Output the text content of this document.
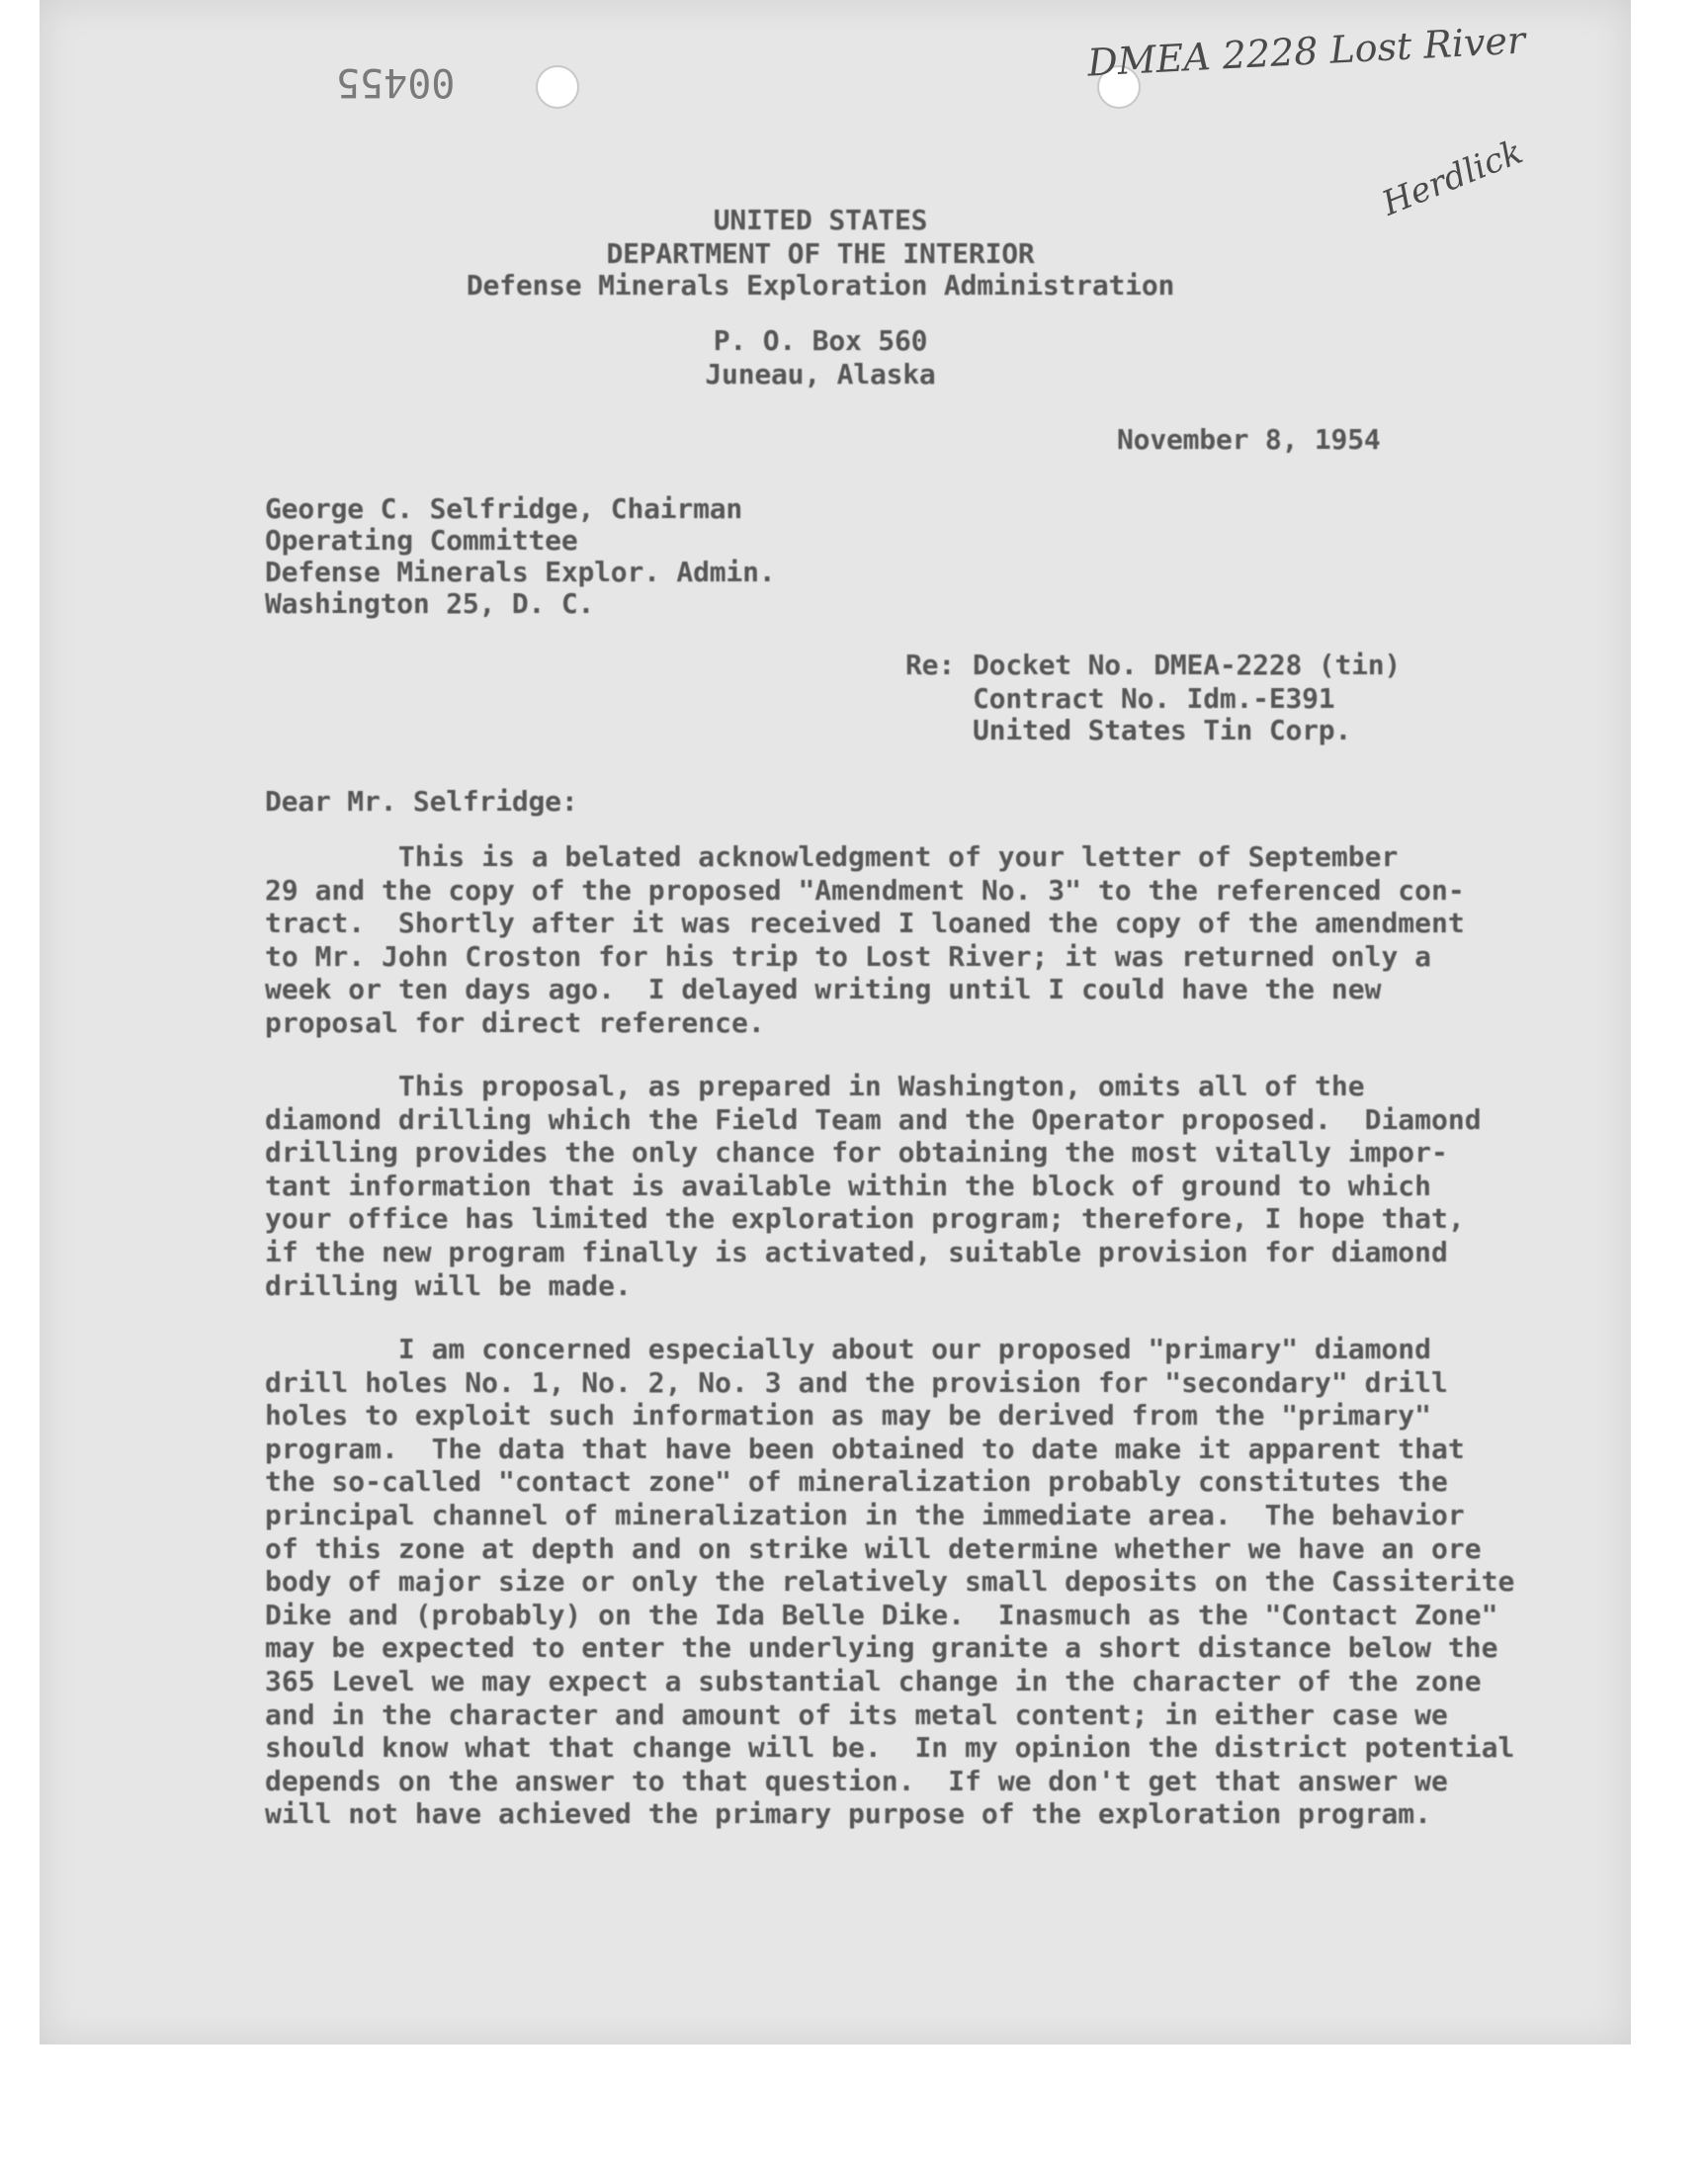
00455	DMEA 2228 Lost River
Herdlick
UNITED STATES
DEPARTMENT OF THE INTERIOR
Defense Minerals Exploration Administration
P. O. Box 560
Juneau, Alaska
November 8, 1954
George C. Selfridge, Chairman
Operating Committee
Defense Minerals Explor. Admin.
Washington 25, D. C.
Re: Docket No. DMEA-2228 (tin)
Contract No. Idm.-E391
United States Tin Corp.
Dear Mr. Selfridge:
This is a belated acknowledgment of your letter of September
29 and the copy of the proposed "Amendment No. 3" to the referenced con-
tract.  Shortly after it was received I loaned the copy of the amendment
to Mr. John Croston for his trip to Lost River; it was returned only a
week or ten days ago.  I delayed writing until I could have the new
proposal for direct reference.
This proposal, as prepared in Washington, omits all of the
diamond drilling which the Field Team and the Operator proposed.  Diamond
drilling provides the only chance for obtaining the most vitally impor-
tant information that is available within the block of ground to which
your office has limited the exploration program; therefore, I hope that,
if the new program finally is activated, suitable provision for diamond
drilling will be made.
I am concerned especially about our proposed "primary" diamond
drill holes No. 1, No. 2, No. 3 and the provision for "secondary" drill
holes to exploit such information as may be derived from the "primary"
program.  The data that have been obtained to date make it apparent that
the so-called "contact zone" of mineralization probably constitutes the
principal channel of mineralization in the immediate area.  The behavior
of this zone at depth and on strike will determine whether we have an ore
body of major size or only the relatively small deposits on the Cassiterite
Dike and (probably) on the Ida Belle Dike.  Inasmuch as the "Contact Zone"
may be expected to enter the underlying granite a short distance below the
365 Level we may expect a substantial change in the character of the zone
and in the character and amount of its metal content; in either case we
should know what that change will be.  In my opinion the district potential
depends on the answer to that question.  If we don't get that answer we
will not have achieved the primary purpose of the exploration program.
